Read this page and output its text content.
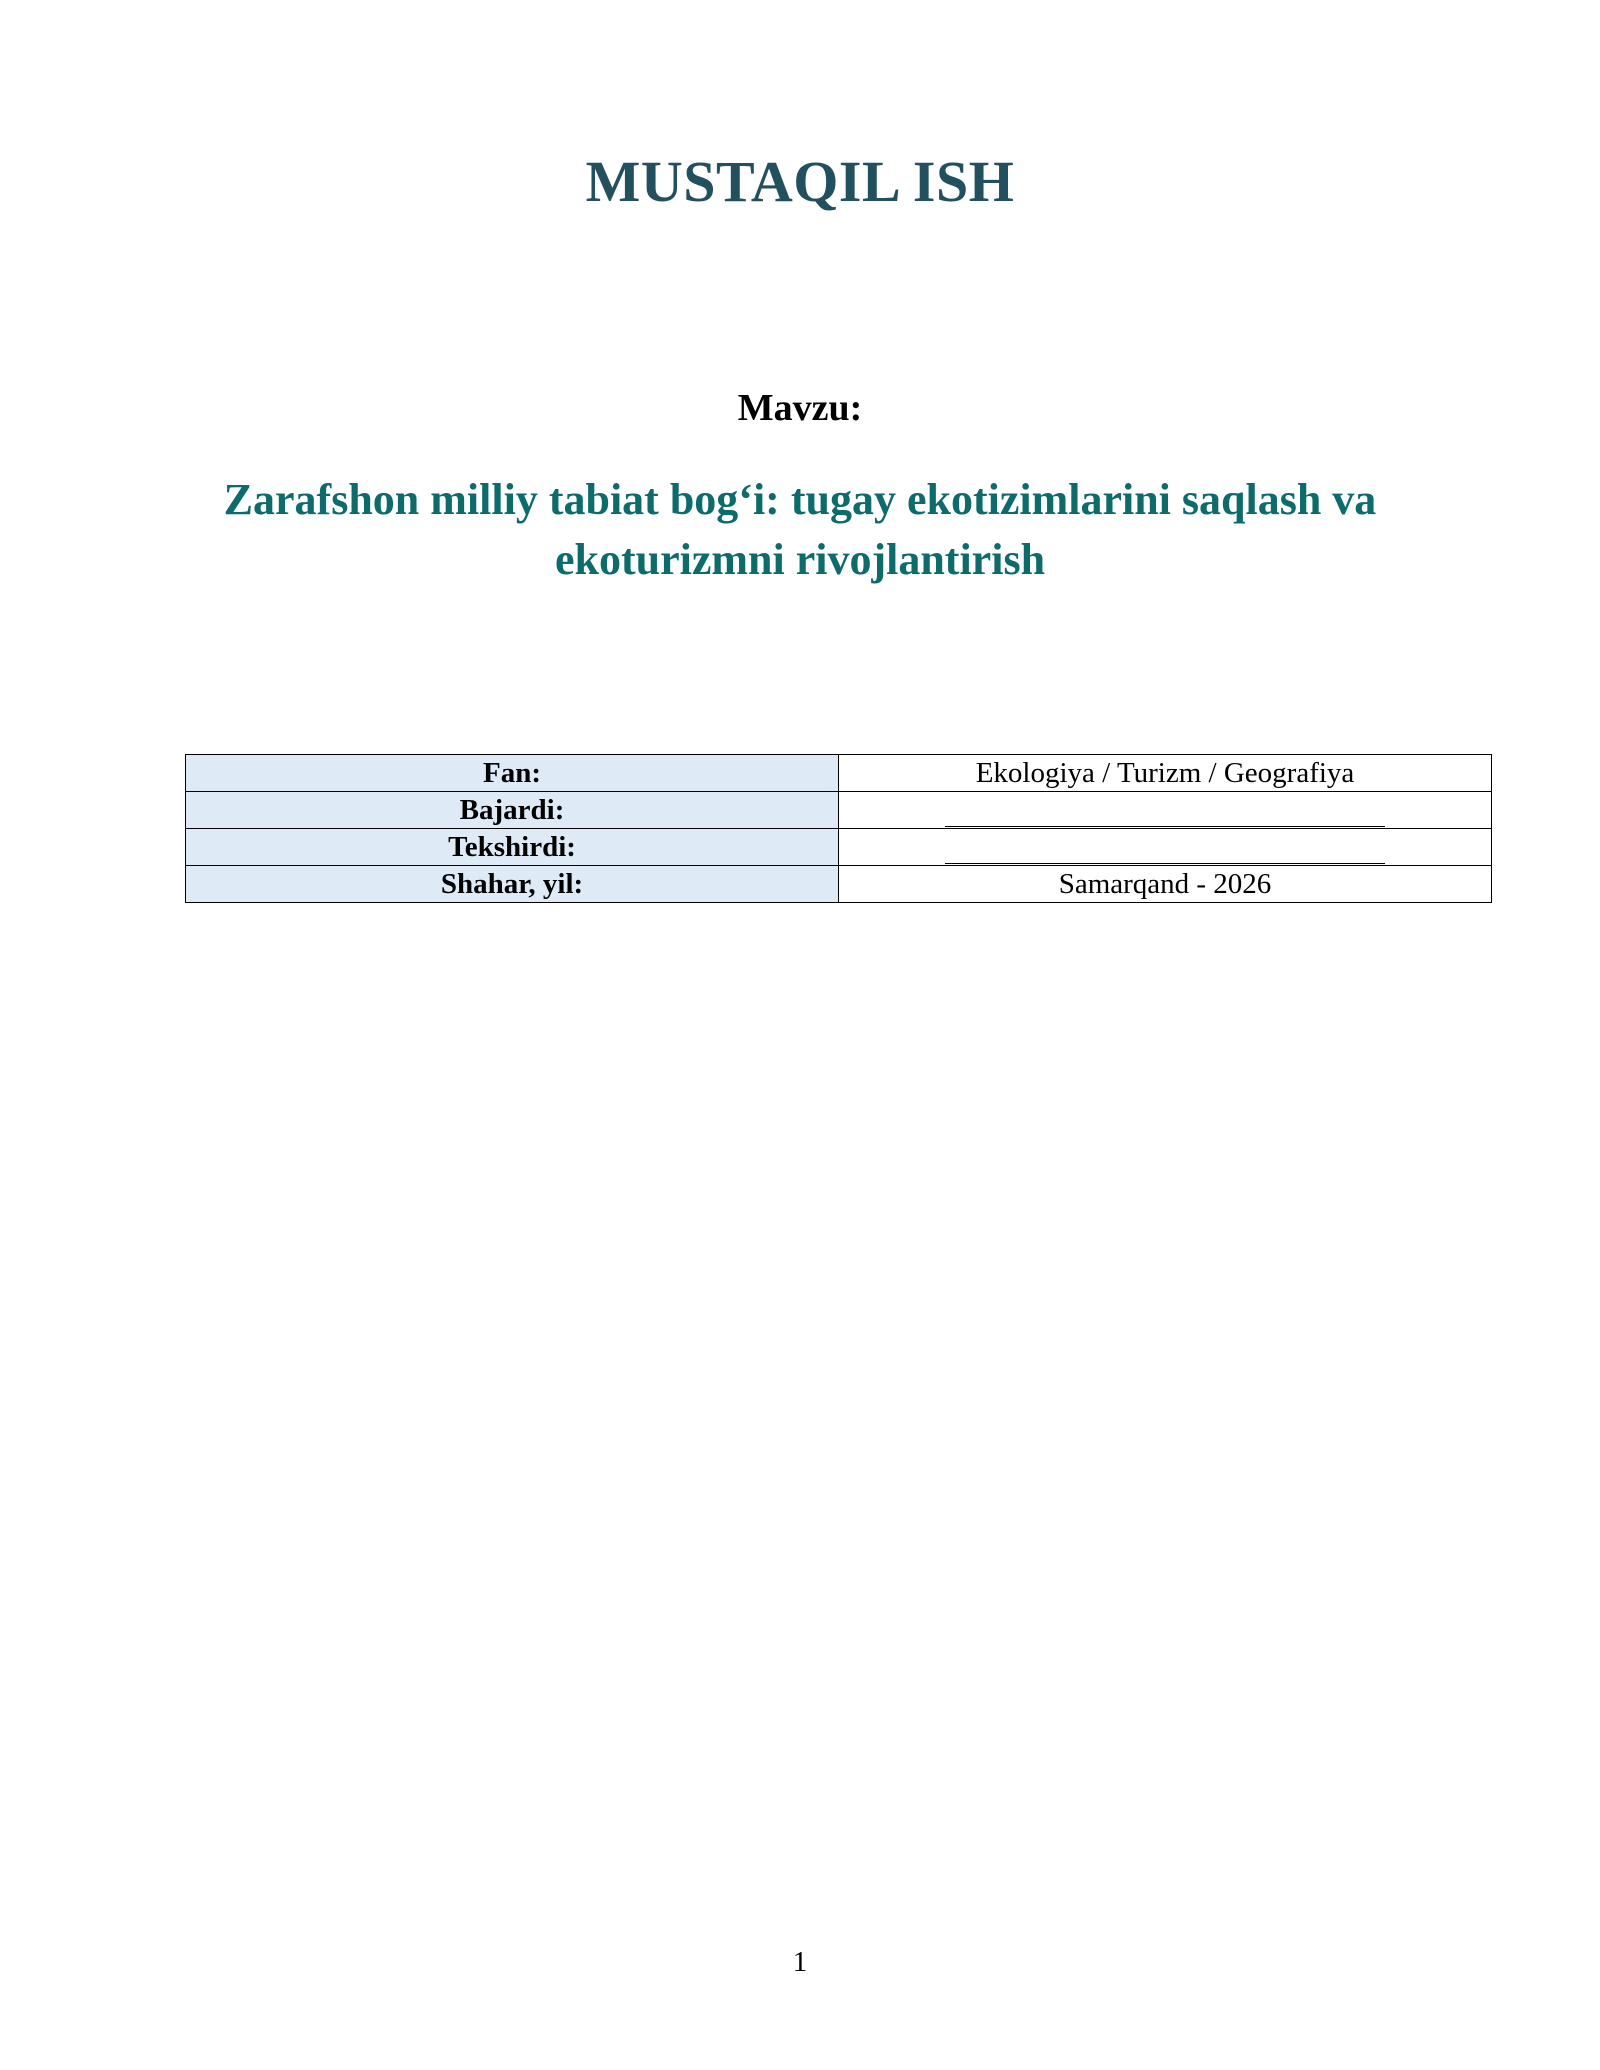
MUSTAQIL ISH
Mavzu:
Zarafshon milliy tabiat bog‘i: tugay ekotizimlarini saqlash va ekoturizmni rivojlantirish
Fan:	Ekologiya / Turizm / Geografiya
Bajardi:	
Tekshirdi:	
Shahar, yil:	Samarqand - 2026
1
